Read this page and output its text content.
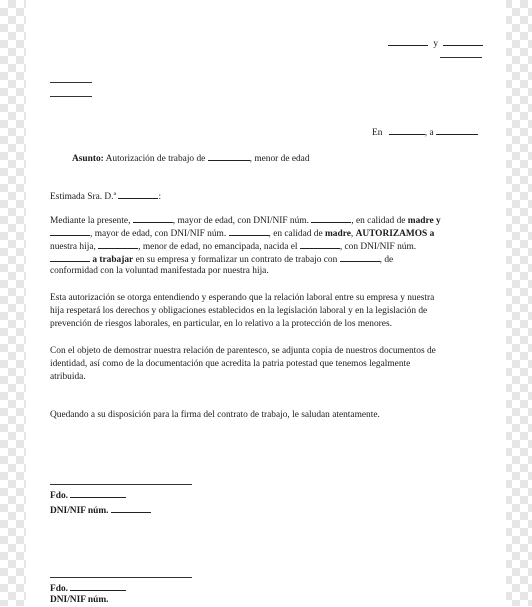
y
En	, a
Asunto: Autorización de trabajo de	, menor de edad
Estimada Sra. D.ª	:
Mediante la presente,	, mayor de edad, con DNI/NIF núm.	, en calidad de madre y
, mayor de edad, con DNI/NIF núm.	, en calidad de madre, AUTORIZAMOS a
nuestra hija,	, menor de edad, no emancipada, nacida el	, con DNI/NIF núm.
a trabajar en su empresa y formalizar un contrato de trabajo con	, de
conformidad con la voluntad manifestada por nuestra hija.
Esta autorización se otorga entendiendo y esperando que la relación laboral entre su empresa y nuestra
hija respetará los derechos y obligaciones establecidos en la legislación laboral y en la legislación de
prevención de riesgos laborales, en particular, en lo relativo a la protección de los menores.
Con el objeto de demostrar nuestra relación de parentesco, se adjunta copia de nuestros documentos de
identidad, así como de la documentación que acredita la patria potestad que tenemos legalmente
atribuida.
Quedando a su disposición para la firma del contrato de trabajo, le saludan atentamente.
Fdo.
DNI/NIF núm.
Fdo.
DNI/NIF núm.
